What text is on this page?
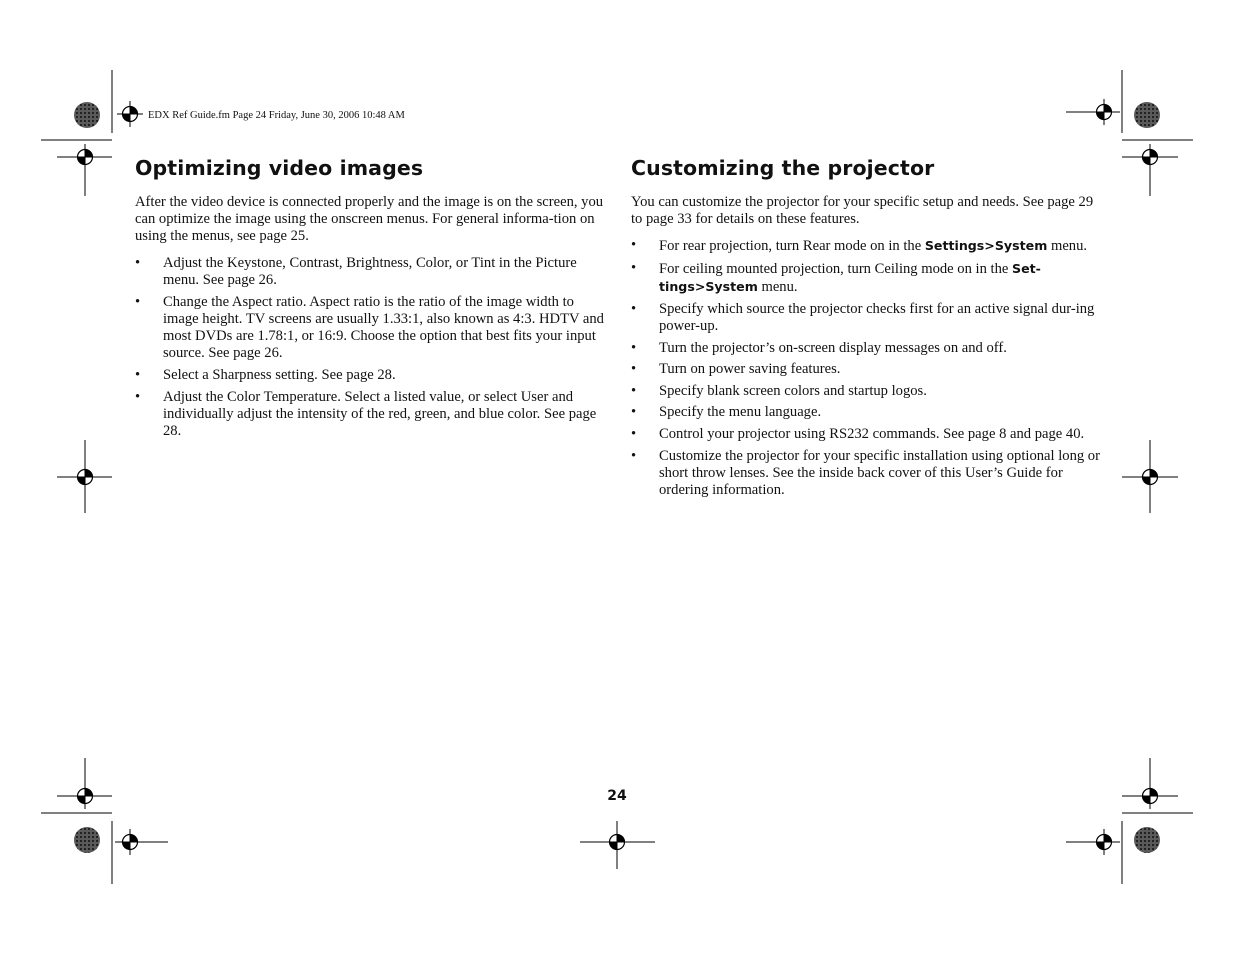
EDX Ref Guide.fm Page 24 Friday, June 30, 2006 10:48 AM
Optimizing video images

After the video device is connected properly and the image is on the screen, you can optimize the image using the onscreen menus. For general informa-tion on using the menus, see page 25.

•	Adjust the Keystone, Contrast, Brightness, Color, or Tint in the Picture menu. See page 26.
•	Change the Aspect ratio. Aspect ratio is the ratio of the image width to image height. TV screens are usually 1.33:1, also known as 4:3. HDTV and most DVDs are 1.78:1, or 16:9. Choose the option that best fits your input source. See page 26.
•	Select a Sharpness setting. See page 28.
•	Adjust the Color Temperature. Select a listed value, or select User and individually adjust the intensity of the red, green, and blue color. See page 28.
Customizing the projector

You can customize the projector for your specific setup and needs. See page 29 to page 33 for details on these features.

•	For rear projection, turn Rear mode on in the Settings>System menu.
•	For ceiling mounted projection, turn Ceiling mode on in the Set-tings>System menu.
•	Specify which source the projector checks first for an active signal dur-ing power-up.
•	Turn the projector’s on-screen display messages on and off.
•	Turn on power saving features.
•	Specify blank screen colors and startup logos.
•	Specify the menu language.
•	Control your projector using RS232 commands. See page 8 and page 40.
•	Customize the projector for your specific installation using optional long or short throw lenses. See the inside back cover of this User’s Guide for ordering information.
24
